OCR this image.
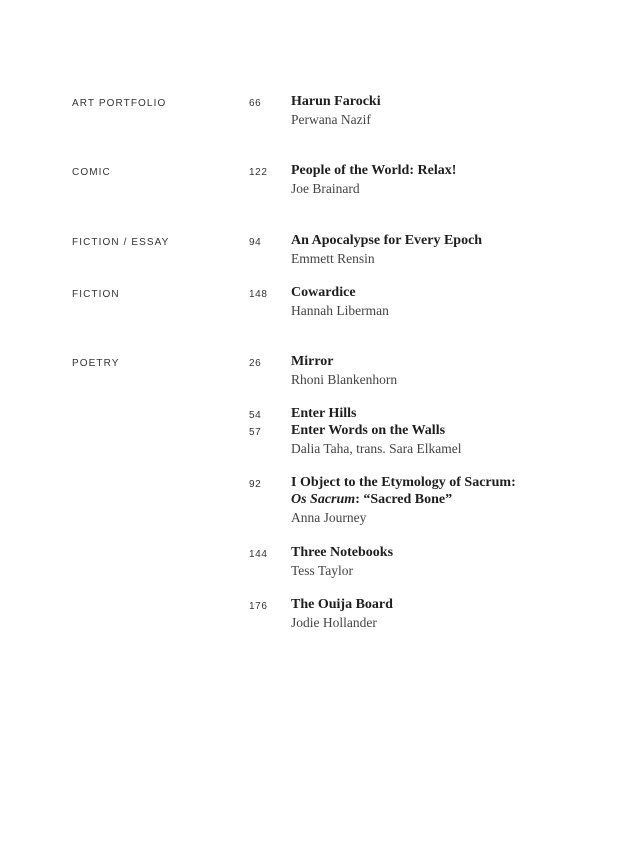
ART PORTFOLIO	66 Harun Farocki
Perwana Nazif
COMIC	122 People of the World: Relax!
Joe Brainard
FICTION / ESSAY	94 An Apocalypse for Every Epoch
Emmett Rensin
FICTION	148 Cowardice
Hannah Liberman
POETRY	26 Mirror
Rhoni Blankenhorn
54 Enter Hills
57 Enter Words on the Walls
Dalia Taha, trans. Sara Elkamel
92 I Object to the Etymology of Sacrum:
Os Sacrum: “Sacred Bone”
Anna Journey
144 Three Notebooks
Tess Taylor
176 The Ouija Board
Jodie Hollander
